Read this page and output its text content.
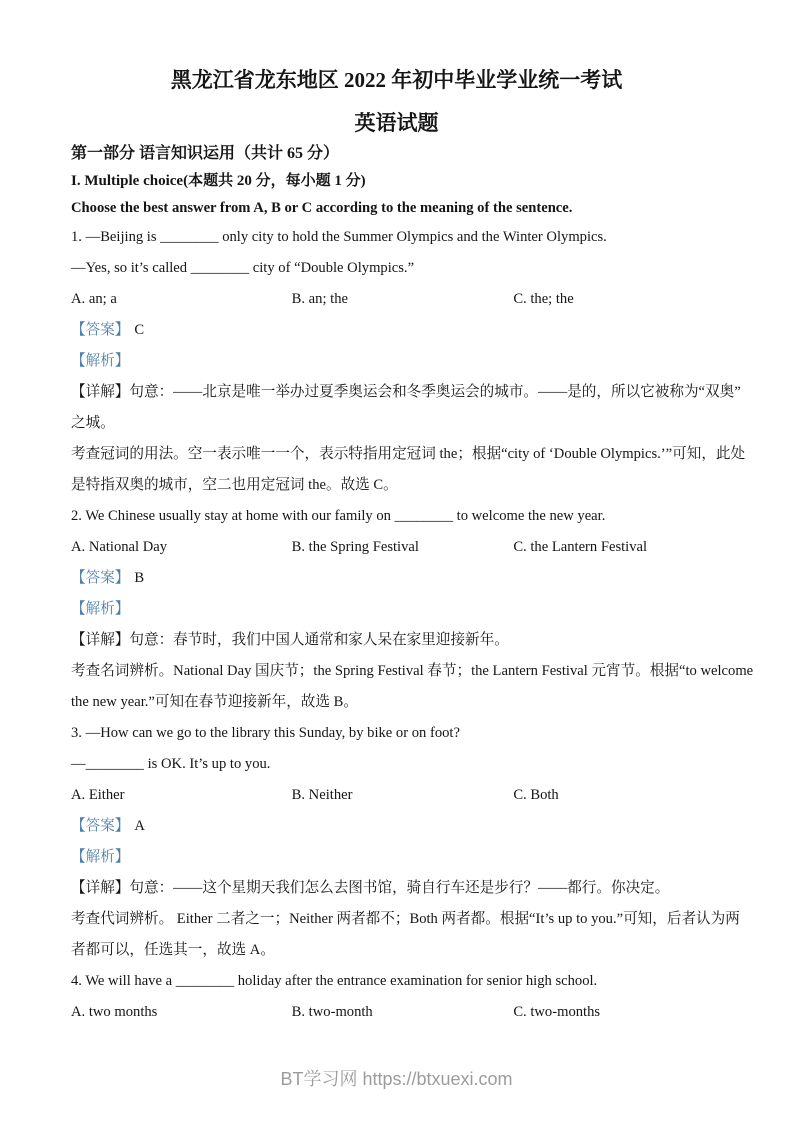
黑龙江省龙东地区 2022 年初中毕业学业统一考试
英语试题
第一部分 语言知识运用（共计 65 分）
I. Multiple choice(本题共 20 分，每小题 1 分)
Choose the best answer from A, B or C according to the meaning of the sentence.
1. —Beijing is ________ only city to hold the Summer Olympics and the Winter Olympics.
—Yes, so it’s called ________ city of “Double Olympics.”
A. an; a	B. an; the	C. the; the
【答案】 C
【解析】
【详解】句意：——北京是唯一举办过夏季奥运会和冬季奥运会的城市。——是的，所以它被称为“双奥”
之城。
考查冠词的用法。空一表示唯一一个，表示特指用定冠词 the；根据“city of ‘Double Olympics.’”可知，此处
是特指双奥的城市，空二也用定冠词 the。故选 C。
2. We Chinese usually stay at home with our family on ________ to welcome the new year.
A. National Day	B. the Spring Festival	C. the Lantern Festival
【答案】 B
【解析】
【详解】句意：春节时，我们中国人通常和家人呆在家里迎接新年。
考查名词辨析。National Day 国庆节；the Spring Festival 春节；the Lantern Festival 元宵节。根据“to welcome
the new year.”可知在春节迎接新年，故选 B。
3. —How can we go to the library this Sunday, by bike or on foot?
—________ is OK. It’s up to you.
A. Either	B. Neither	C. Both
【答案】 A
【解析】
【详解】句意：——这个星期天我们怎么去图书馆，骑自行车还是步行？——都行。你决定。
考查代词辨析。 Either 二者之一；Neither 两者都不；Both 两者都。根据“It’s up to you.”可知，后者认为两
者都可以，任选其一，故选 A。
4. We will have a ________ holiday after the entrance examination for senior high school.
A. two months	B. two-month	C. two-months
BT学习网 https://btxuexi.com
